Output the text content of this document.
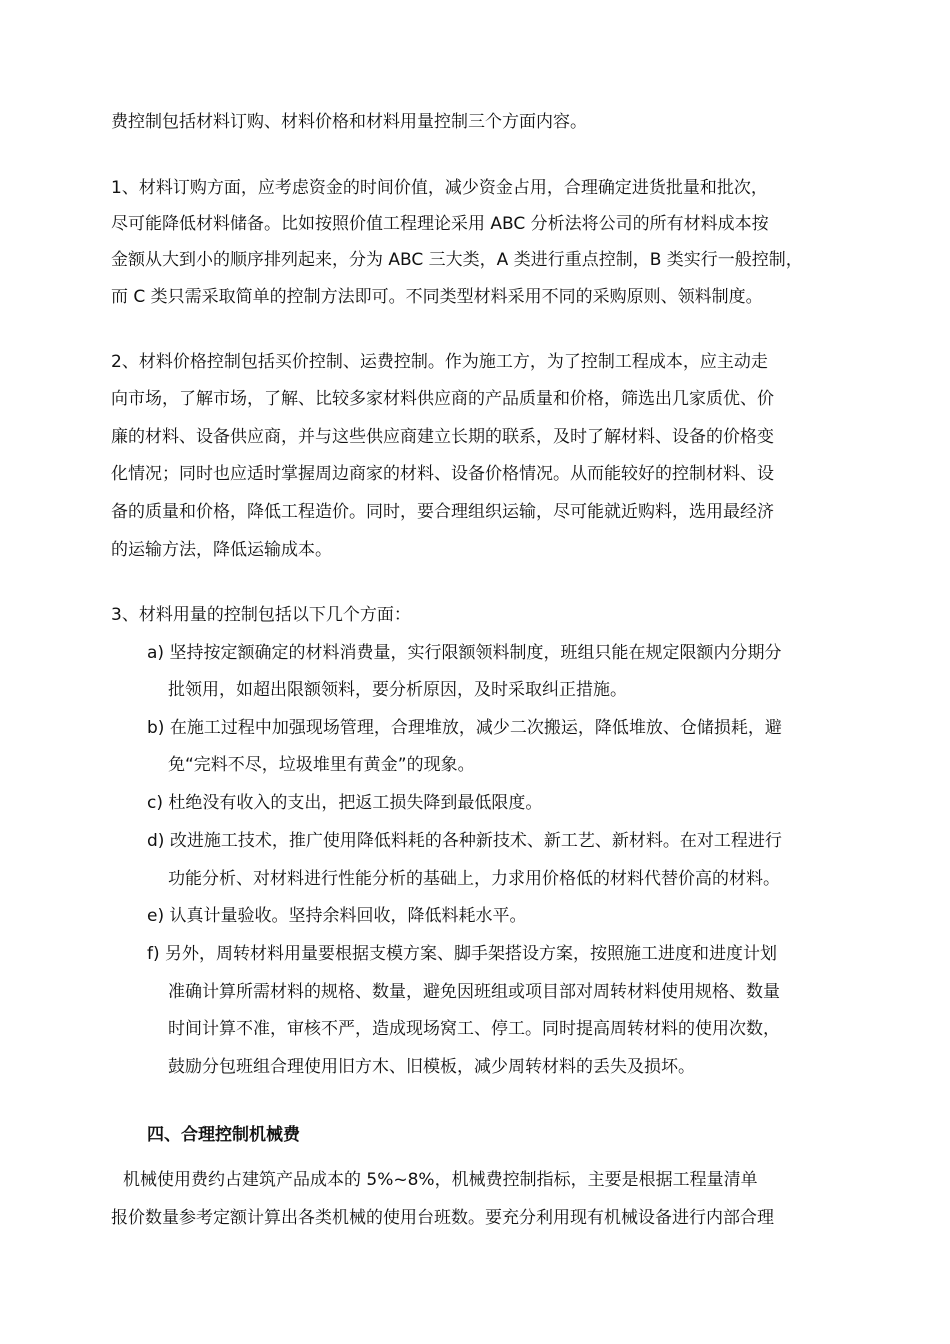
费控制包括材料订购、材料价格和材料用量控制三个方面内容。
1、材料订购方面，应考虑资金的时间价值，减少资金占用，合理确定进货批量和批次，
尽可能降低材料储备。比如按照价值工程理论采用 ABC 分析法将公司的所有材料成本按
金额从大到小的顺序排列起来，分为 ABC 三大类，A 类进行重点控制，B 类实行一般控制，
而 C 类只需采取简单的控制方法即可。不同类型材料采用不同的采购原则、领料制度。
2、材料价格控制包括买价控制、运费控制。作为施工方，为了控制工程成本，应主动走
向市场，了解市场，了解、比较多家材料供应商的产品质量和价格，筛选出几家质优、价
廉的材料、设备供应商，并与这些供应商建立长期的联系，及时了解材料、设备的价格变
化情况；同时也应适时掌握周边商家的材料、设备价格情况。从而能较好的控制材料、设
备的质量和价格，降低工程造价。同时，要合理组织运输，尽可能就近购料，选用最经济
的运输方法，降低运输成本。
3、材料用量的控制包括以下几个方面：
a) 坚持按定额确定的材料消费量，实行限额领料制度，班组只能在规定限额内分期分
批领用，如超出限额领料，要分析原因，及时采取纠正措施。
b) 在施工过程中加强现场管理，合理堆放，减少二次搬运，降低堆放、仓储损耗，避
免“完料不尽，垃圾堆里有黄金”的现象。
c) 杜绝没有收入的支出，把返工损失降到最低限度。
d) 改进施工技术，推广使用降低料耗的各种新技术、新工艺、新材料。在对工程进行
功能分析、对材料进行性能分析的基础上，力求用价格低的材料代替价高的材料。
e) 认真计量验收。坚持余料回收，降低料耗水平。
f) 另外，周转材料用量要根据支模方案、脚手架搭设方案，按照施工进度和进度计划
准确计算所需材料的规格、数量，避免因班组或项目部对周转材料使用规格、数量
时间计算不准，审核不严，造成现场窝工、停工。同时提高周转材料的使用次数，
鼓励分包班组合理使用旧方木、旧模板，减少周转材料的丢失及损坏。
四、合理控制机械费
机械使用费约占建筑产品成本的 5%~8%，机械费控制指标，主要是根据工程量清单
报价数量参考定额计算出各类机械的使用台班数。要充分利用现有机械设备进行内部合理
